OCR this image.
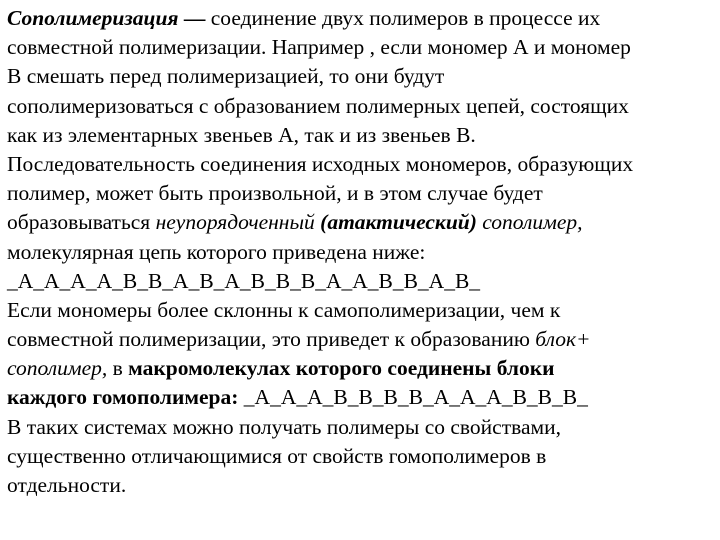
Сополимеризация — соединение двух полимеров в процессе их
совместной полимеризации. Например , если мономер А и мономер
В смешать перед полимеризацией, то они будут
сополимеризоваться с образованием полимерных цепей, состоящих
как из элементарных звеньев А, так и из звеньев В.
Последовательность соединения исходных мономеров, образующих
полимер, может быть произвольной, и в этом случае будет
образовываться неупорядоченный (атактический) сополимер,
молекулярная цепь которого приведена ниже:
_А_А_А_А_В_В_А_В_А_В_В_В_А_А_В_В_А_В_
Если мономеры более склонны к самополимеризации, чем к
совместной полимеризации, это приведет к образованию блок+
сополимер, в макромолекулах которого соединены блоки
каждого гомополимера: _А_А_А_В_В_В_В_А_А_А_В_В_В_
В таких системах можно получать полимеры со свойствами,
существенно отличающимися от свойств гомополимеров в
отдельности.
